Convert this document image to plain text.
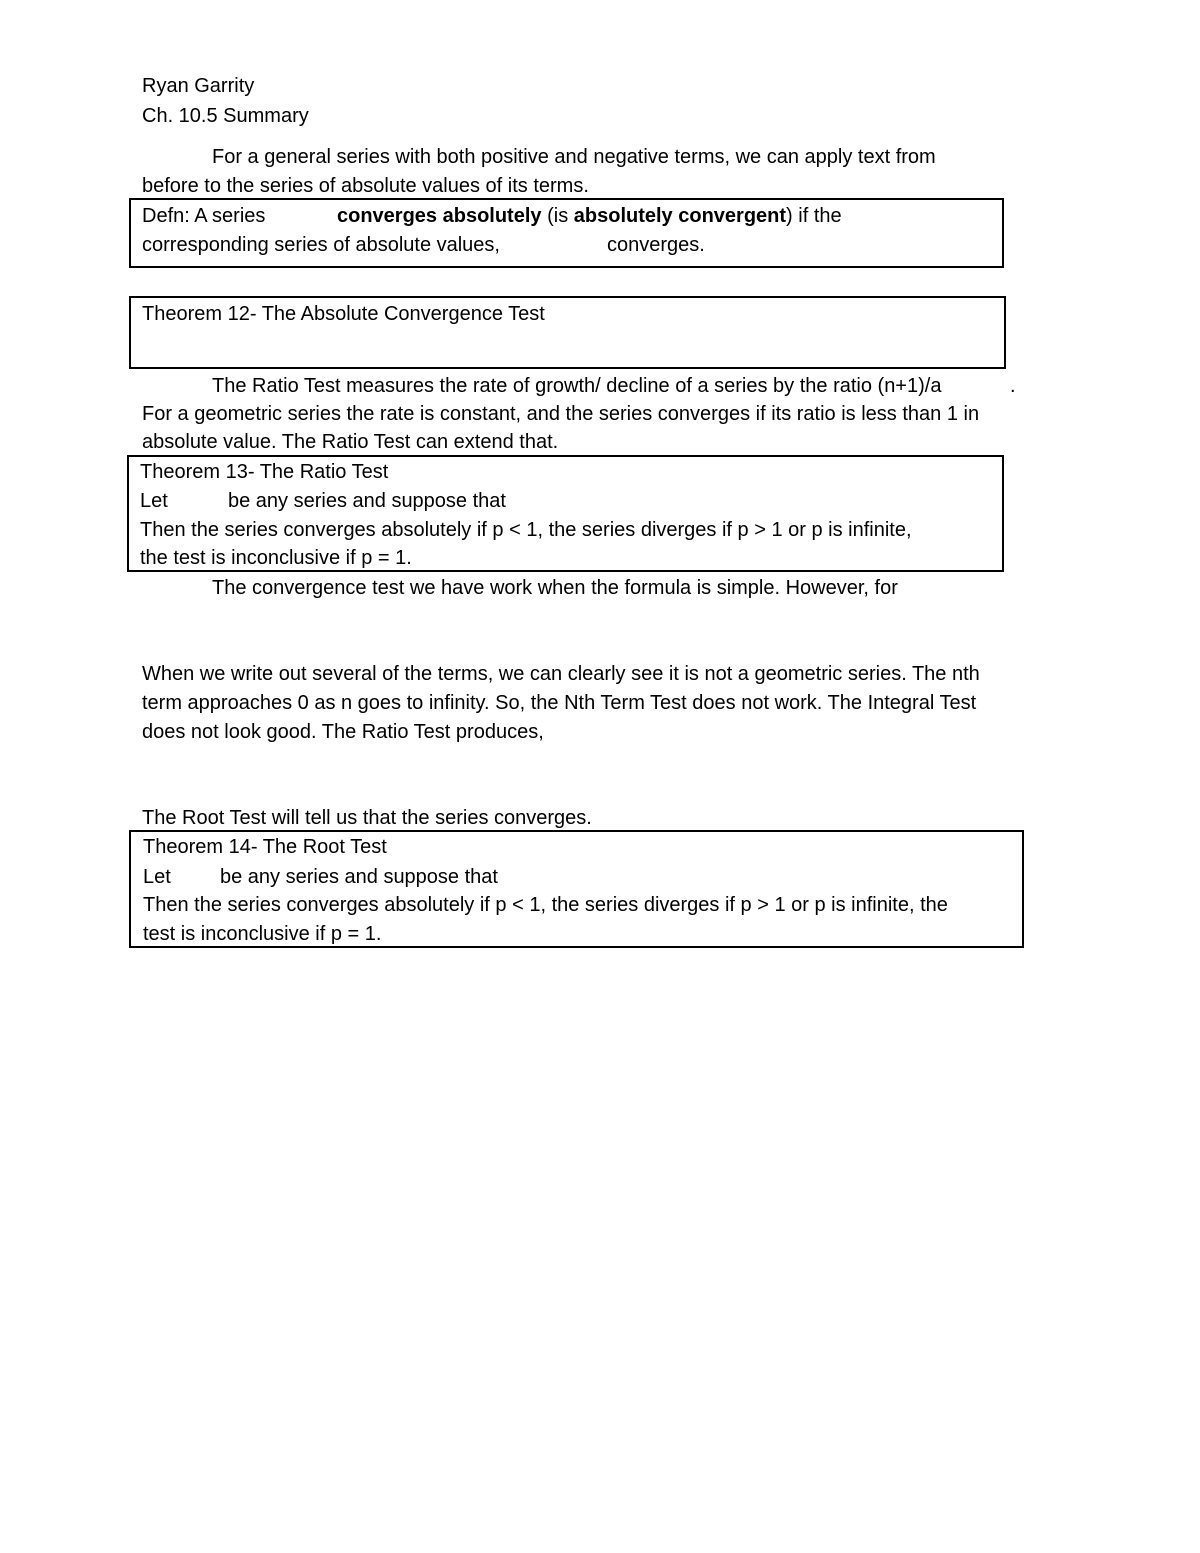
Ryan Garrity
Ch. 10.5 Summary
For a general series with both positive and negative terms, we can apply text from
before to the series of absolute values of its terms.
Defn: A series	converges absolutely (is absolutely convergent) if the
corresponding series of absolute values,	converges.
Theorem 12- The Absolute Convergence Test
The Ratio Test measures the rate of growth/ decline of a series by the ratio (n+1)/a	.
For a geometric series the rate is constant, and the series converges if its ratio is less than 1 in
absolute value. The Ratio Test can extend that.
Theorem 13- The Ratio Test
Let	be any series and suppose that
Then the series converges absolutely if p < 1, the series diverges if p > 1 or p is infinite,
the test is inconclusive if p = 1.
The convergence test we have work when the formula is simple. However, for
When we write out several of the terms, we can clearly see it is not a geometric series. The nth
term approaches 0 as n goes to infinity. So, the Nth Term Test does not work. The Integral Test
does not look good. The Ratio Test produces,
The Root Test will tell us that the series converges.
Theorem 14- The Root Test
Let be any series and suppose that
Then the series converges absolutely if p < 1, the series diverges if p > 1 or p is infinite, the
test is inconclusive if p = 1.
